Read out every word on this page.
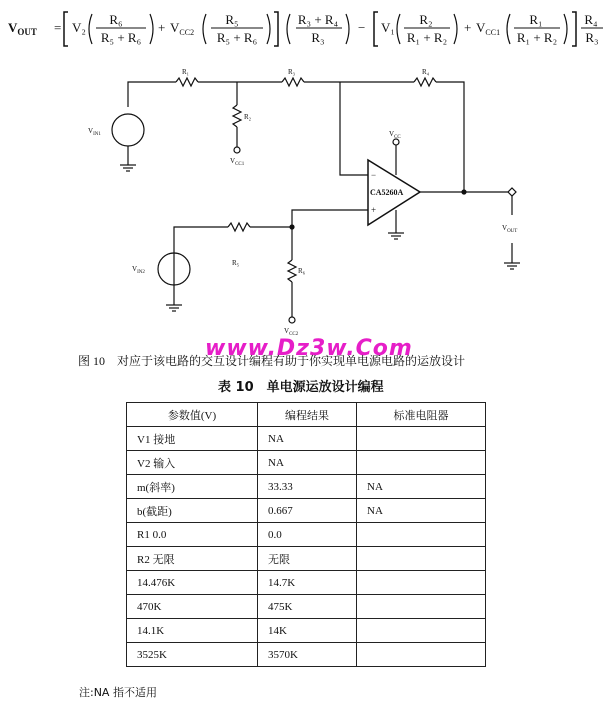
$V_{OUT} = V_2$
R₆
R₅ + R₆
+ $V_{CC2}$
R₅
R₅ + R₆
R₃ + R₄
R₃
− V₁
R₂
R₁ + R₂
+ $V_{CC1}$
R₁
R₁ + R₂
R₄
R₃
R₁	R₃	R₄
R₂
R₅
R₆
$V_{IN1}$
$V_{IN2}$
$V_{CC}$
$V_{CC1}$
$V_{CC2}$
$V_{OUT}$
CA5260A
−
+
www.Dz3w.Com
图 10　对应于该电路的交互设计编程有助于你实现单电源电路的运放设计
表 10　单电源运放设计编程
参数值(V)	编程结果	标准电阻器
V1 接地	NA	
V2 输入	NA	
m(斜率)	33.33	NA
b(截距)	0.667	NA
R1 0.0	0.0	
R2 无限	无限	
14.476K	14.7K	
470K	475K	
14.1K	14K	
3525K	3570K	
注:NA 指不适用
